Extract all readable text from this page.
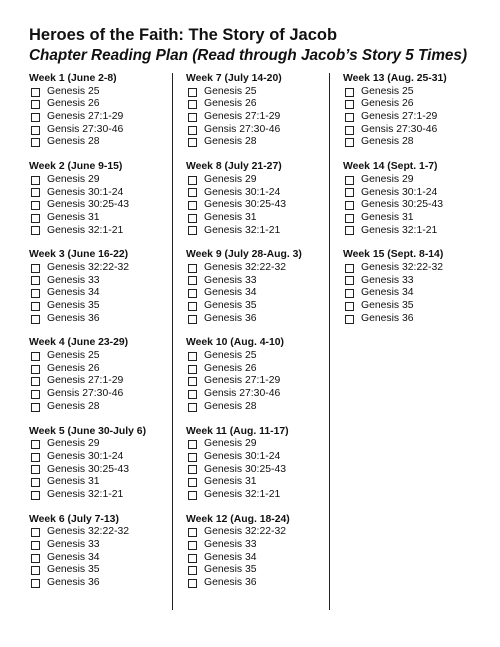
Heroes of the Faith: The Story of Jacob
Chapter Reading Plan (Read through Jacob’s Story 5 Times)
Week 1 (June 2-8)
Genesis 25
Genesis 26
Genesis 27:1-29
Gensis 27:30-46
Genesis 28
Week 2 (June 9-15)
Genesis 29
Genesis 30:1-24
Genesis 30:25-43
Genesis 31
Genesis 32:1-21
Week 3 (June 16-22)
Genesis 32:22-32
Genesis 33
Genesis 34
Genesis 35
Genesis 36
Week 4 (June 23-29)
Genesis 25
Genesis 26
Genesis 27:1-29
Gensis 27:30-46
Genesis 28
Week 5 (June 30-July 6)
Genesis 29
Genesis 30:1-24
Genesis 30:25-43
Genesis 31
Genesis 32:1-21
Week 6 (July 7-13)
Genesis 32:22-32
Genesis 33
Genesis 34
Genesis 35
Genesis 36
Week 7 (July 14-20)
Genesis 25
Genesis 26
Genesis 27:1-29
Gensis 27:30-46
Genesis 28
Week 8 (July 21-27)
Genesis 29
Genesis 30:1-24
Genesis 30:25-43
Genesis 31
Genesis 32:1-21
Week 9 (July 28-Aug. 3)
Genesis 32:22-32
Genesis 33
Genesis 34
Genesis 35
Genesis 36
Week 10 (Aug. 4-10)
Genesis 25
Genesis 26
Genesis 27:1-29
Gensis 27:30-46
Genesis 28
Week 11 (Aug. 11-17)
Genesis 29
Genesis 30:1-24
Genesis 30:25-43
Genesis 31
Genesis 32:1-21
Week 12 (Aug. 18-24)
Genesis 32:22-32
Genesis 33
Genesis 34
Genesis 35
Genesis 36
Week 13 (Aug. 25-31)
Genesis 25
Genesis 26
Genesis 27:1-29
Gensis 27:30-46
Genesis 28
Week 14 (Sept. 1-7)
Genesis 29
Genesis 30:1-24
Genesis 30:25-43
Genesis 31
Genesis 32:1-21
Week 15 (Sept. 8-14)
Genesis 32:22-32
Genesis 33
Genesis 34
Genesis 35
Genesis 36
